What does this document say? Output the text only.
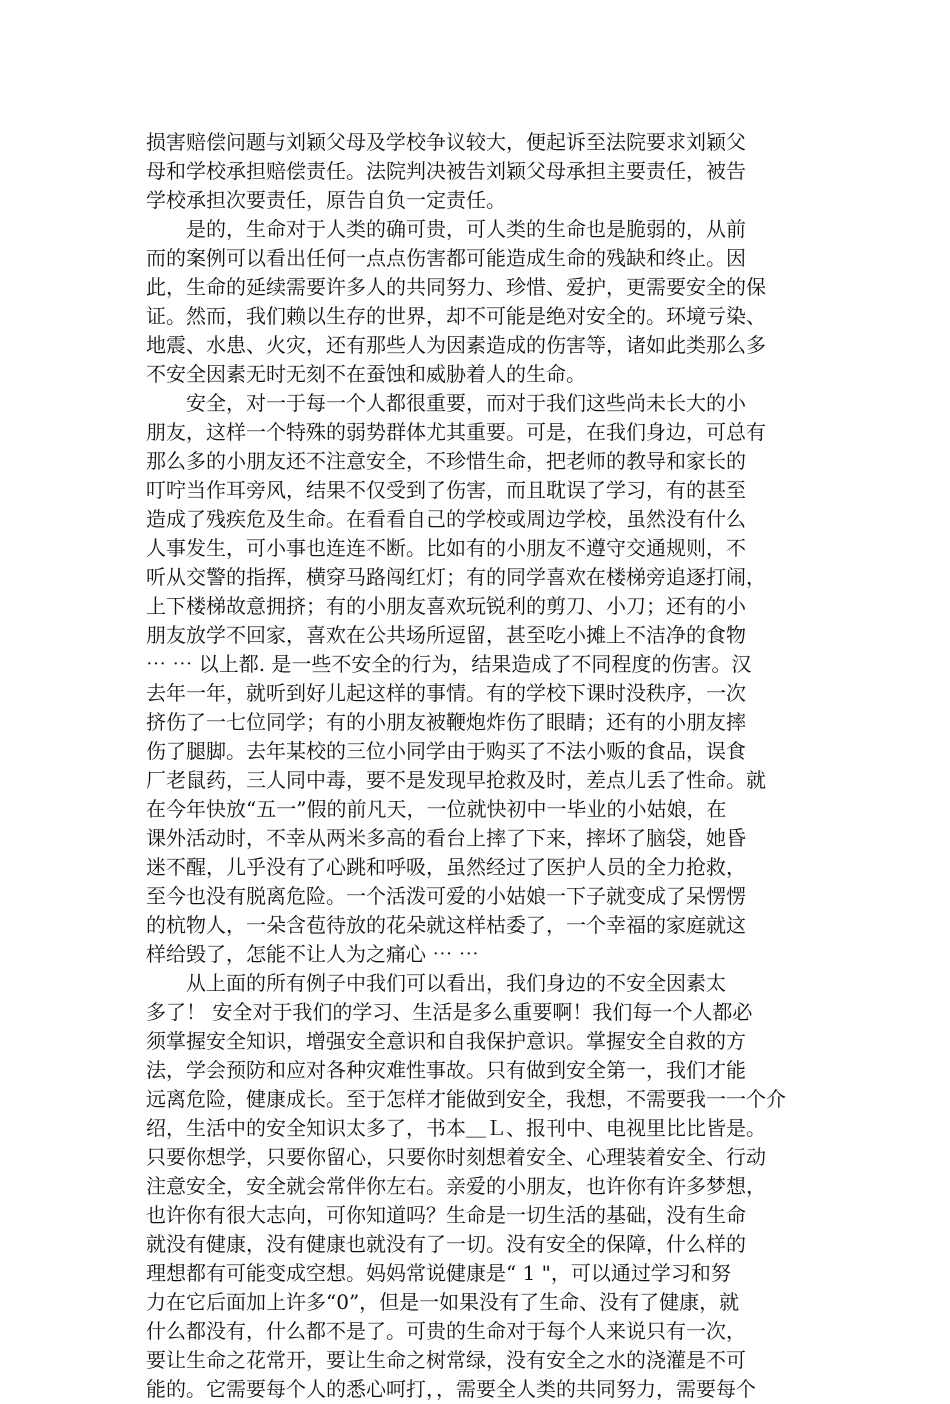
损害赔偿问题与刘颖父母及学校争议较大，便起诉至法院要求刘颖父
母和学校承担赔偿责任。法院判决被告刘颖父母承担主要责任，被告
学校承担次要责任，原告自负一定责任。
是的，生命对于人类的确可贵，可人类的生命也是脆弱的，从前
而的案例可以看出任何一点点伤害都可能造成生命的残缺和终止。因
此，生命的延续需要许多人的共同努力、珍惜、爱护，更需要安全的保
证。然而，我们赖以生存的世界，却不可能是绝对安全的。环境亏染、
地震、水患、火灾，还有那些人为因素造成的伤害等，诸如此类那么多
不安全因素无时无刻不在蚕蚀和威胁着人的生命。
安全，对一于每一个人都很重要，而对于我们这些尚未长大的小
朋友，这样一个特殊的弱势群体尤其重要。可是，在我们身边，可总有
那么多的小朋友还不注意安全，不珍惜生命，把老师的教导和家长的
叮咛当作耳旁风，结果不仅受到了伤害，而且耽误了学习，有的甚至
造成了残疾危及生命。在看看自己的学校或周边学校，虽然没有什么
人事发生，可小事也连连不断。比如有的小朋友不遵守交通规则，不
听从交警的指挥，横穿马路闯红灯；有的同学喜欢在楼梯旁追逐打闹，
上下楼梯故意拥挤；有的小朋友喜欢玩锐利的剪刀、小刀；还有的小
朋友放学不回家，喜欢在公共场所逗留，甚至吃小摊上不洁净的食物
⋯ ⋯ 以上都. 是一些不安全的行为，结果造成了不同程度的伤害。汉
去年一年，就听到好儿起这样的事情。有的学校下课时没秩序，一次
挤伤了一七位同学；有的小朋友被鞭炮炸伤了眼睛；还有的小朋友摔
伤了腿脚。去年某校的三位小同学由于购买了不法小贩的食品，误食
厂老鼠药，三人同中毒，要不是发现早抢救及时，差点儿丢了性命。就
在今年快放“五一”假的前凡天，一位就快初中一毕业的小姑娘，在
课外活动时，不幸从两米多高的看台上摔了下来，摔坏了脑袋，她昏
迷不醒，儿乎没有了心跳和呼吸，虽然经过了医护人员的全力抢救，
至今也没有脱离危险。一个活泼可爱的小姑娘一下子就变成了呆愣愣
的杭物人，一朵含苞待放的花朵就这样枯委了，一个幸福的家庭就这
样给毁了，怎能不让人为之痛心 ⋯ ⋯
从上面的所有例子中我们可以看出，我们身边的不安全因素太
多了！ 安全对于我们的学习、生活是多么重要啊！我们每一个人都必
须掌握安全知识，增强安全意识和自我保护意识。掌握安全自救的方
法，学会预防和应对各种灾难性事故。只有做到安全第一，我们才能
远离危险，健康成长。至于怎样才能做到安全，我想，不需要我一一个介
绍，生活中的安全知识太多了，书本＿Ｌ、报刊中、电视里比比皆是。
只要你想学，只要你留心，只要你时刻想着安全、心理装着安全、行动
注意安全，安全就会常伴你左右。亲爱的小朋友，也许你有许多梦想，
也许你有很大志向，可你知道吗？生命是一切生活的基础，没有生命
就没有健康，没有健康也就没有了一切。没有安全的保障，什么样的
理想都有可能变成空想。妈妈常说健康是“ 1 "，可以通过学习和努
力在它后面加上许多“0”，但是一如果没有了生命、没有了健康，就
什么都没有，什么都不是了。可贵的生命对于每个人来说只有一次，
要让生命之花常开，要让生命之树常绿，没有安全之水的浇灌是不可
能的。它需要每个人的悉心呵打，，需要全人类的共同努力，需要每个
